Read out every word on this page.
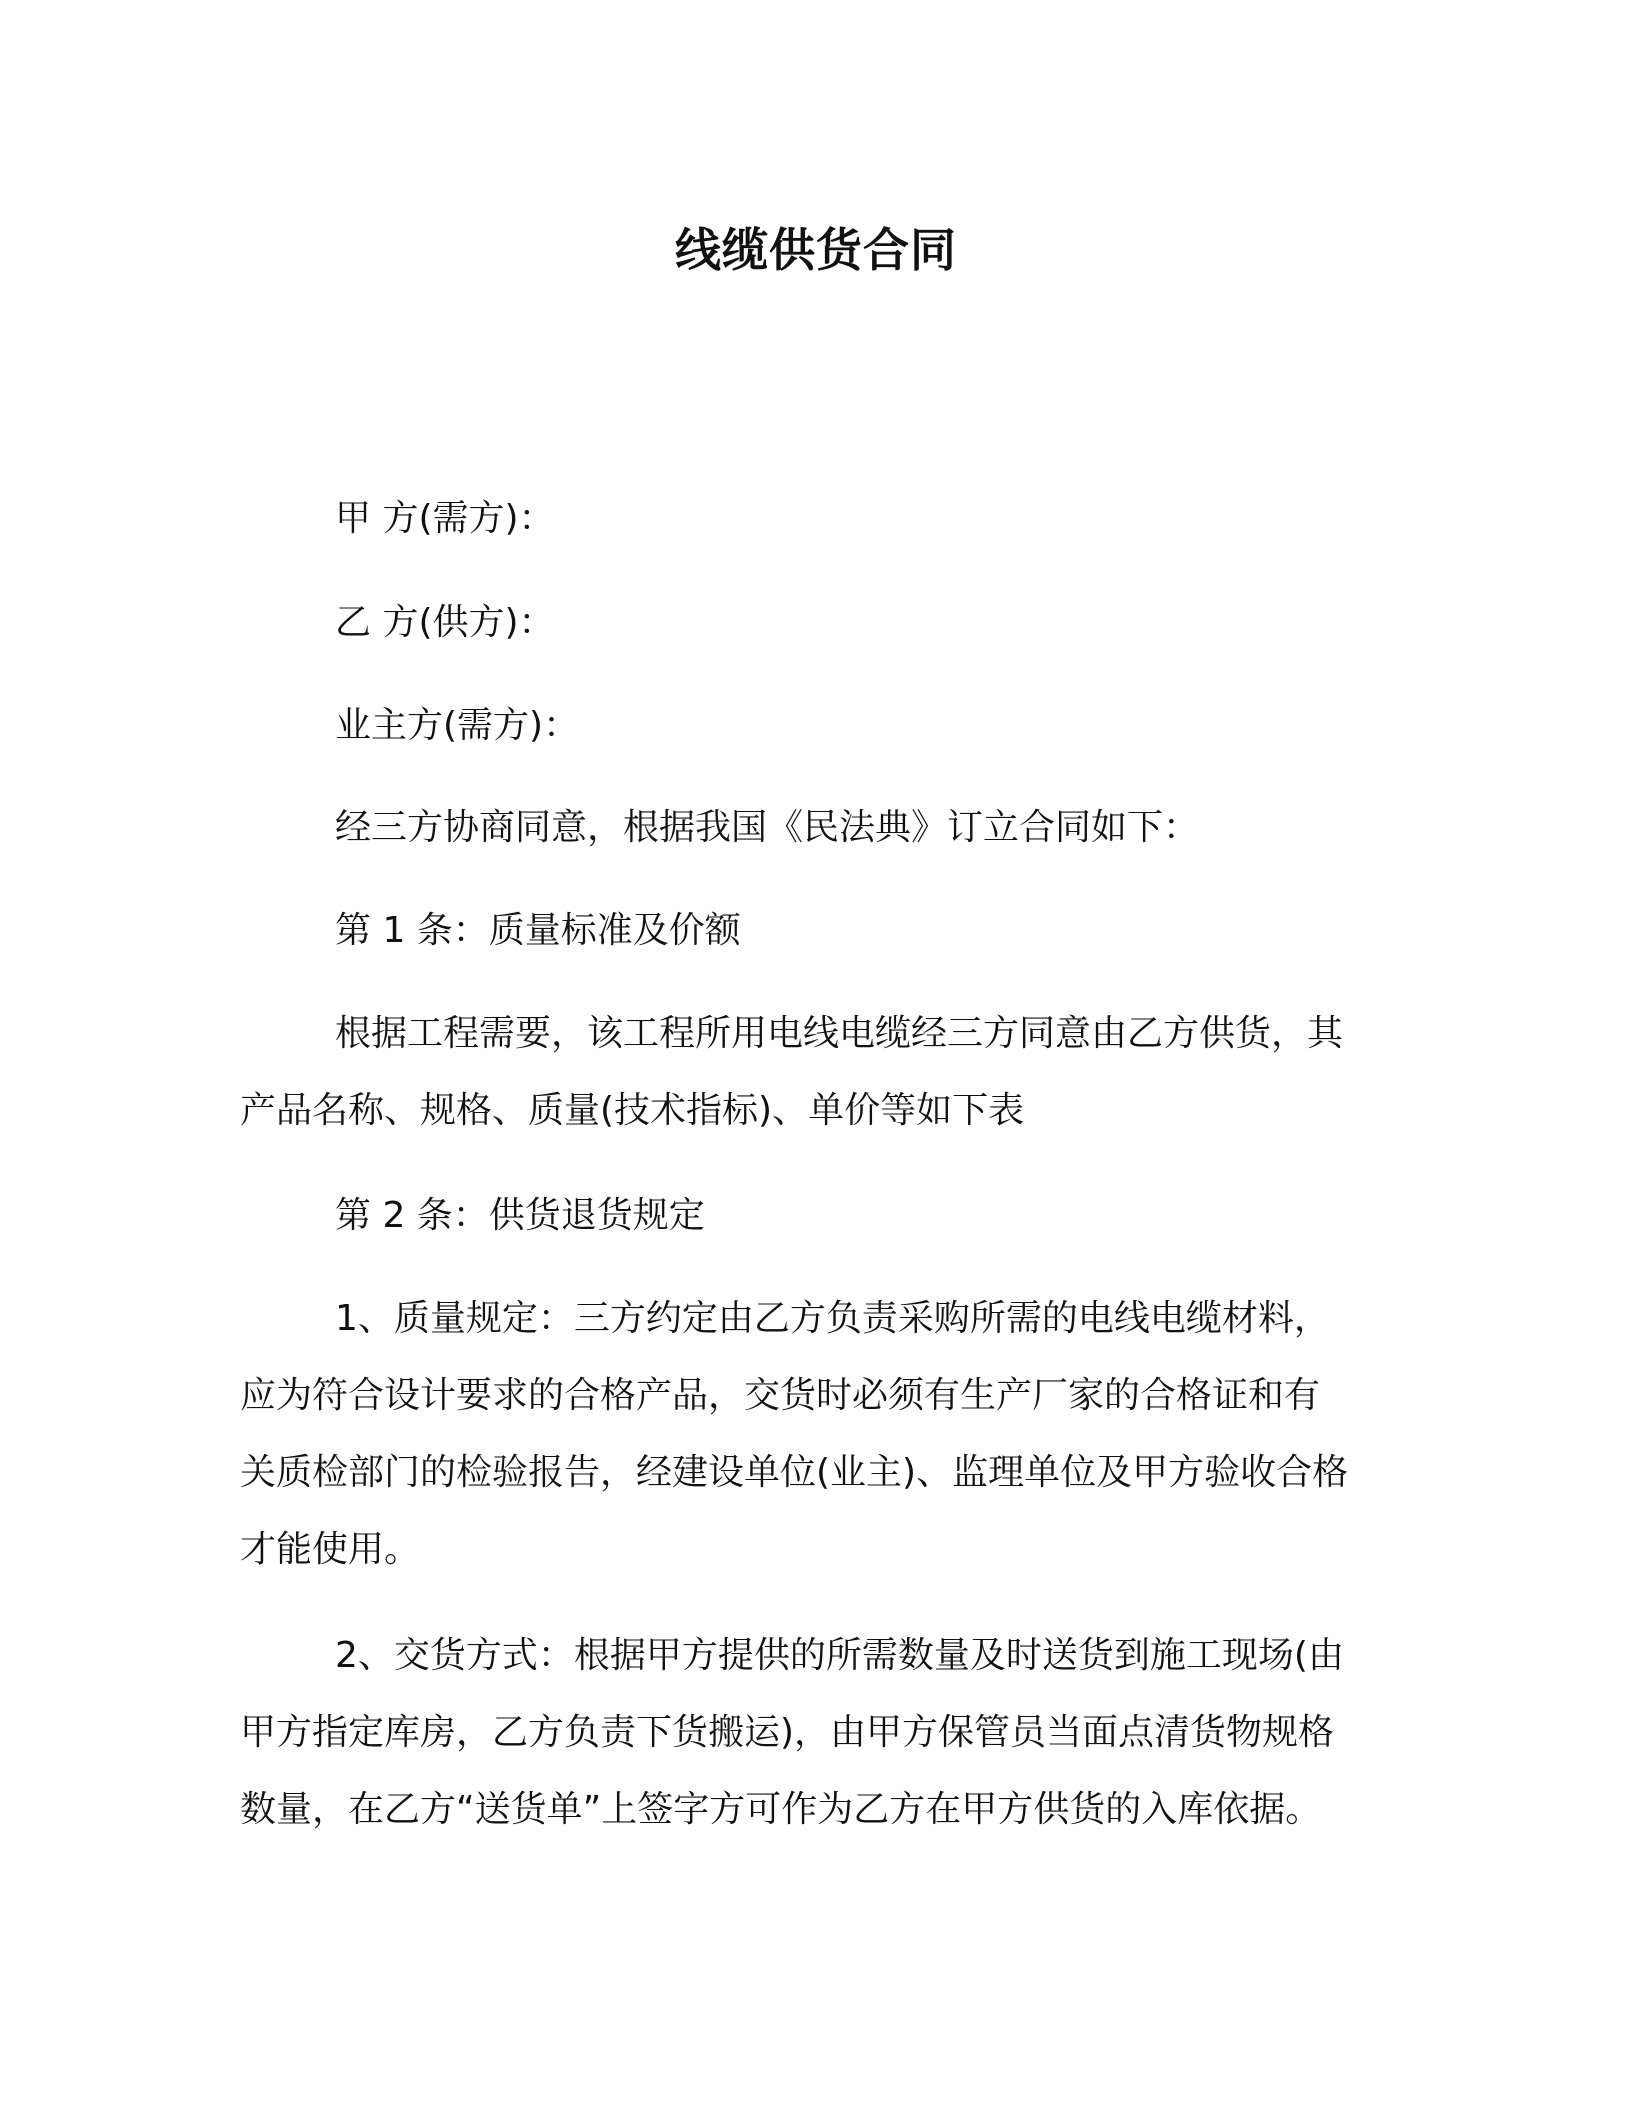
线缆供货合同
甲 方(需方)：
乙 方(供方)：
业主方(需方)：
经三方协商同意，根据我国《民法典》订立合同如下：
第 1 条：质量标准及价额
根据工程需要，该工程所用电线电缆经三方同意由乙方供货，其
产品名称、规格、质量(技术指标)、单价等如下表
第 2 条：供货退货规定
1、质量规定：三方约定由乙方负责采购所需的电线电缆材料，
应为符合设计要求的合格产品，交货时必须有生产厂家的合格证和有
关质检部门的检验报告，经建设单位(业主)、监理单位及甲方验收合格
才能使用。
2、交货方式：根据甲方提供的所需数量及时送货到施工现场(由
甲方指定库房，乙方负责下货搬运)，由甲方保管员当面点清货物规格
数量，在乙方“送货单”上签字方可作为乙方在甲方供货的入库依据。
